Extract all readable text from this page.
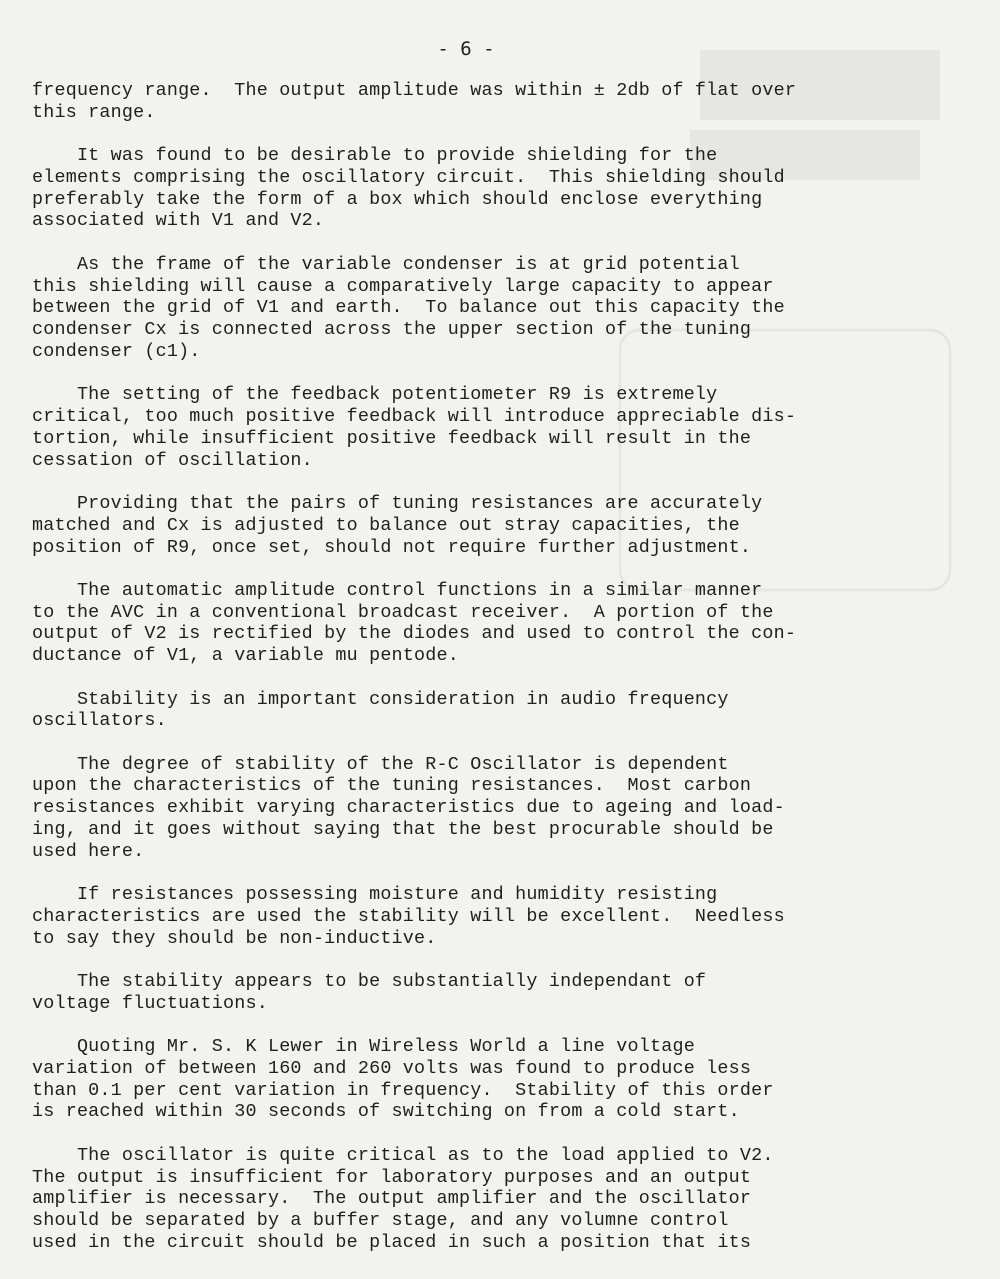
- 6 -
frequency range.  The output amplitude was within ± 2db of flat over
this range.
It was found to be desirable to provide shielding for the
elements comprising the oscillatory circuit.  This shielding should
preferably take the form of a box which should enclose everything
associated with V1 and V2.
As the frame of the variable condenser is at grid potential
this shielding will cause a comparatively large capacity to appear
between the grid of V1 and earth.  To balance out this capacity the
condenser Cx is connected across the upper section of the tuning
condenser (c1).
The setting of the feedback potentiometer R9 is extremely
critical, too much positive feedback will introduce appreciable dis-
tortion, while insufficient positive feedback will result in the
cessation of oscillation.
Providing that the pairs of tuning resistances are accurately
matched and Cx is adjusted to balance out stray capacities, the
position of R9, once set, should not require further adjustment.
The automatic amplitude control functions in a similar manner
to the AVC in a conventional broadcast receiver.  A portion of the
output of V2 is rectified by the diodes and used to control the con-
ductance of V1, a variable mu pentode.
Stability is an important consideration in audio frequency
oscillators.
The degree of stability of the R-C Oscillator is dependent
upon the characteristics of the tuning resistances.  Most carbon
resistances exhibit varying characteristics due to ageing and load-
ing, and it goes without saying that the best procurable should be
used here.
If resistances possessing moisture and humidity resisting
characteristics are used the stability will be excellent.  Needless
to say they should be non-inductive.
The stability appears to be substantially independant of
voltage fluctuations.
Quoting Mr. S. K Lewer in Wireless World a line voltage
variation of between 160 and 260 volts was found to produce less
than 0.1 per cent variation in frequency.  Stability of this order
is reached within 30 seconds of switching on from a cold start.
The oscillator is quite critical as to the load applied to V2.
The output is insufficient for laboratory purposes and an output
amplifier is necessary.  The output amplifier and the oscillator
should be separated by a buffer stage, and any volumne control
used in the circuit should be placed in such a position that its
